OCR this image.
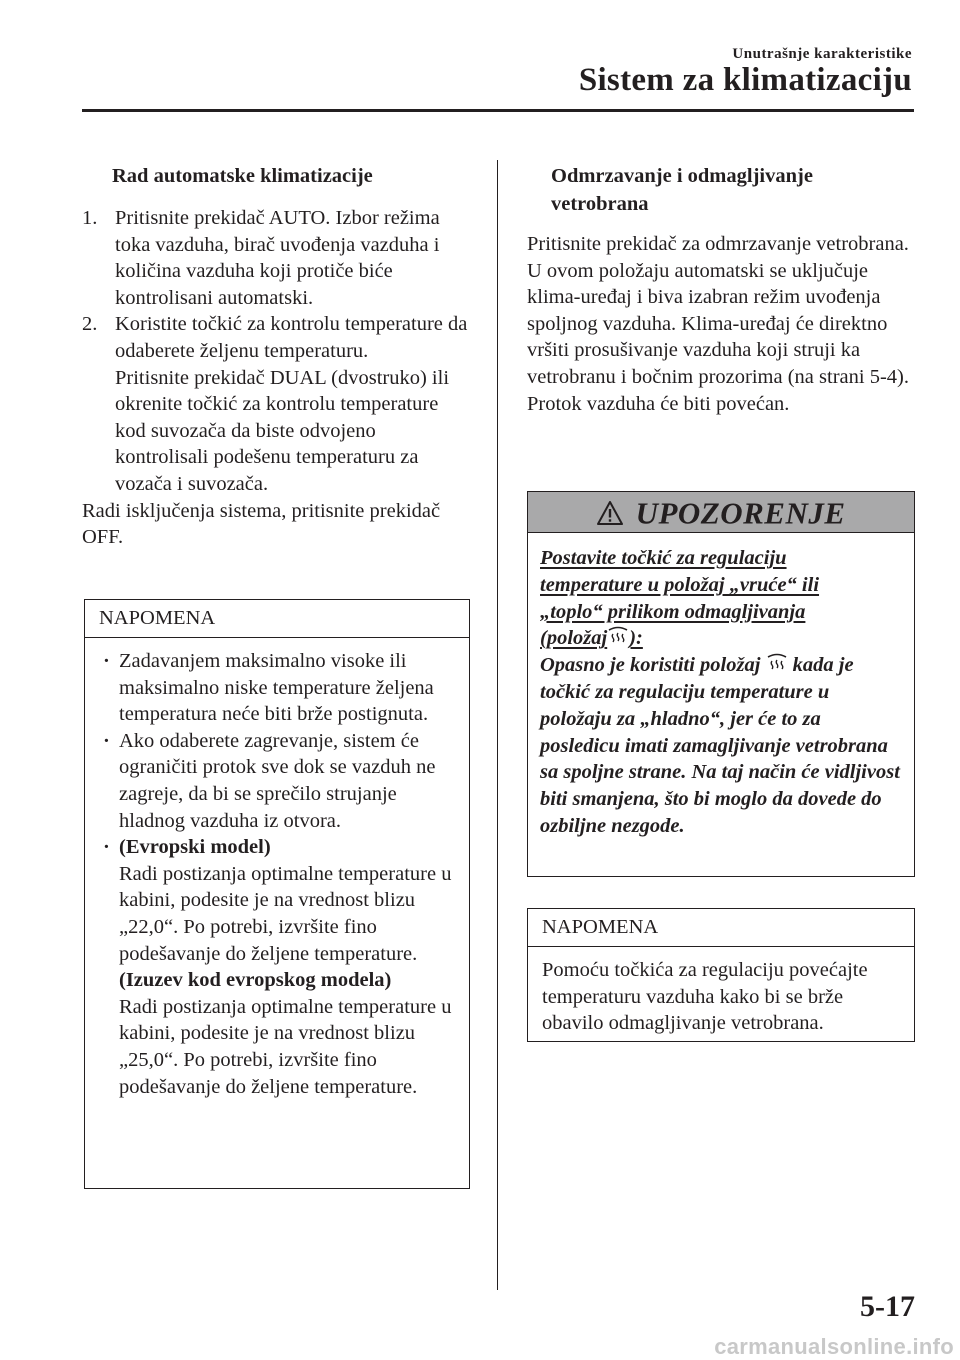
Unutrašnje karakteristike
Sistem za klimatizaciju
Rad automatske klimatizacije
1. Pritisnite prekidač AUTO. Izbor režima toka vazduha, birač uvođenja vazduha i količina vazduha koji protiče biće kontrolisani automatski.

2. Koristite točkić za kontrolu temperature da odaberete željenu temperaturu.

Pritisnite prekidač DUAL (dvostruko) ili okrenite točkić za kontrolu temperature kod suvozača da biste odvojeno kontrolisali podešenu temperaturu za vozača i suvozača.

Radi isključenja sistema, pritisnite prekidač OFF.

NAPOMENA
· Zadavanjem maksimalno visoke ili maksimalno niske temperature željena temperatura neće biti brže postignuta.

· Ako odaberete zagrevanje, sistem će ograničiti protok sve dok se vazduh ne zagreje, da bi se sprečilo strujanje hladnog vazduha iz otvora.

· (Evropski model)

Radi postizanja optimalne temperature u kabini, podesite je na vrednost blizu „22,0“. Po potrebi, izvršite fino podešavanje do željene temperature.

(Izuzev kod evropskog modela)

Radi postizanja optimalne temperature u kabini, podesite je na vrednost blizu „25,0“. Po potrebi, izvršite fino podešavanje do željene temperature.

Odmrzavanje i odmagljivanje vetrobrana

Pritisnite prekidač za odmrzavanje vetrobrana.

U ovom položaju automatski se uključuje klima-uređaj i biva izabran režim uvođenja spoljnog vazduha. Klima-uređaj će direktno vršiti prosušivanje vazduha koji struji ka vetrobranu i bočnim prozorima (na strani 5-4). Protok vazduha će biti povećan.

UPOZORENJE
Postavite točkić za regulaciju
temperature u položaj „vruće“ ili
„toplo“ prilikom odmagljivanja
(položaj ):

Opasno je koristiti položaj kada je točkić za regulaciju temperature u položaju za „hladno“, jer će to za posledicu imati zamagljivanje vetrobrana sa spoljne strane. Na taj način će vidljivost biti smanjena, što bi moglo da dovede do ozbiljne nezgode.

NAPOMENA

Pomoću točkića za regulaciju povećajte temperaturu vazduha kako bi se brže obavilo odmagljivanje vetrobrana.

5-17
carmanualsonline.info
